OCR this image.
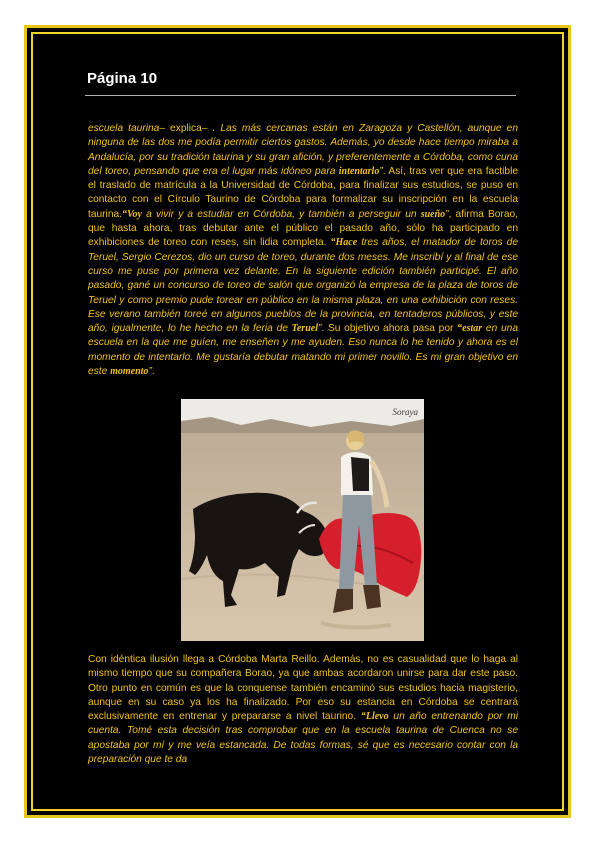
Página 10

escuela taurina– explica– . Las más cercanas están en Zaragoza y Castellón, aunque en ninguna de las dos me podía permitir ciertos gastos. Además, yo desde hace tiempo miraba a Andalucía, por su tradición taurina y su gran afición, y preferentemente a Córdoba, como cuna del toreo, pensando que era el lugar más idóneo para intentarlo”. Así, tras ver que era factible el traslado de matrícula a la Universidad de Córdoba, para finalizar sus estudios, se puso en contacto con el Círculo Taurino de Córdoba para formalizar su inscripción en la escuela taurina.“Voy a vivir y a estudiar en Córdoba, y también a perseguir un sueño”, afirma Borao, que hasta ahora, tras debutar ante el público el pasado año, sólo ha participado en exhibiciones de toreo con reses, sin lidia completa. “Hace tres años, el matador de toros de Teruel, Sergio Cerezos, dio un curso de toreo, durante dos meses. Me inscribí y al final de ese curso me puse por primera vez delante. En la siguiente edición también participé. El año pasado, gané un concurso de toreo de salón que organizó la empresa de la plaza de toros de Teruel y como premio pude torear en público en la misma plaza, en una exhibición con reses. Ese verano también toreé en algunos pueblos de la provincia, en tentaderos públicos, y este año, igualmente, lo he hecho en la feria de Teruel”. Su objetivo ahora pasa por “estar en una escuela en la que me guíen, me enseñen y me ayuden. Eso nunca lo he tenido y ahora es el momento de intentarlo. Me gustaría debutar matando mi primer novillo. Es mi gran objetivo en este momento”.

Soraya

Con idéntica ilusión llega a Córdoba Marta Reillo. Además, no es casualidad que lo haga al mismo tiempo que su compañera Borao, ya que ambas acordaron unirse para dar este paso. Otro punto en común es que la conquense también encaminó sus estudios hacia magisterio, aunque en su caso ya los ha finalizado. Por eso su estancia en Córdoba se centrará exclusivamente en entrenar y prepararse a nivel taurino. “Llevo un año entrenando por mi cuenta. Tomé esta decisión tras comprobar que en la escuela taurina de Cuenca no se apostaba por mí y me veía estancada. De todas formas, sé que es necesario contar con la preparación que te da
